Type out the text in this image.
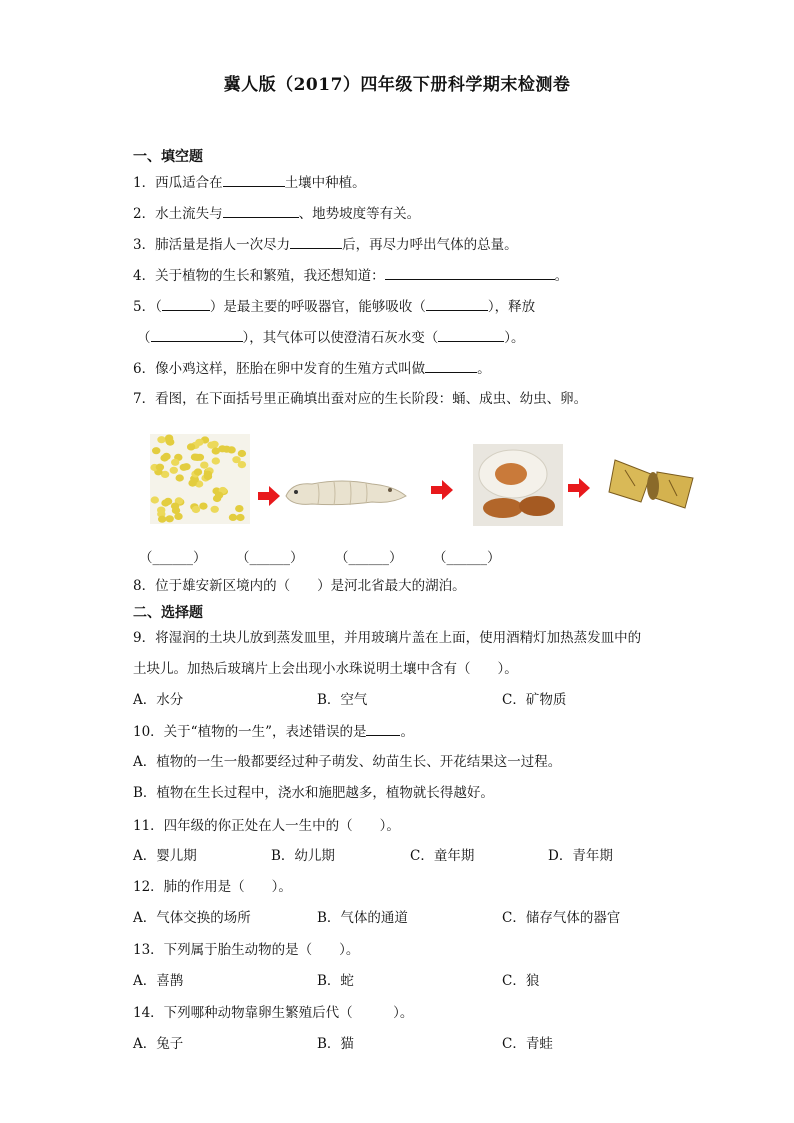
冀人版（2017）四年级下册科学期末检测卷
一、填空题
1．西瓜适合在	土壤中种植。
2．水土流失与	、地势坡度等有关。
3．肺活量是指人一次尽力	后，再尽力呼出气体的总量。
4．关于植物的生长和繁殖，我还想知道：	。
5．（	）是最主要的呼吸器官，能够吸收（	），释放
（	），其气体可以使澄清石灰水变（	）。
6．像小鸡这样，胚胎在卵中发育的生殖方式叫做	。
7．看图，在下面括号里正确填出蚕对应的生长阶段：蛹、成虫、幼虫、卵。
（______） （______） （______） （______）
8．位于雄安新区境内的（　　）是河北省最大的湖泊。
二、选择题
9．将湿润的土块儿放到蒸发皿里，并用玻璃片盖在上面，使用酒精灯加热蒸发皿中的
土块儿。加热后玻璃片上会出现小水珠说明土壤中含有（　　）。
A．水分	B．空气	C．矿物质
10．关于“植物的一生”，表述错误的是	。
A．植物的一生一般都要经过种子萌发、幼苗生长、开花结果这一过程。
B．植物在生长过程中，浇水和施肥越多，植物就长得越好。
11．四年级的你正处在人一生中的（　　）。
A．婴儿期	B．幼儿期	C．童年期	D．青年期
12．肺的作用是（　　）。
A．气体交换的场所	B．气体的通道	C．储存气体的器官
13．下列属于胎生动物的是（　　）。
A．喜鹊	B．蛇	C．狼
14．下列哪种动物靠卵生繁殖后代（　　　）。
A．兔子	B．猫	C．青蛙
